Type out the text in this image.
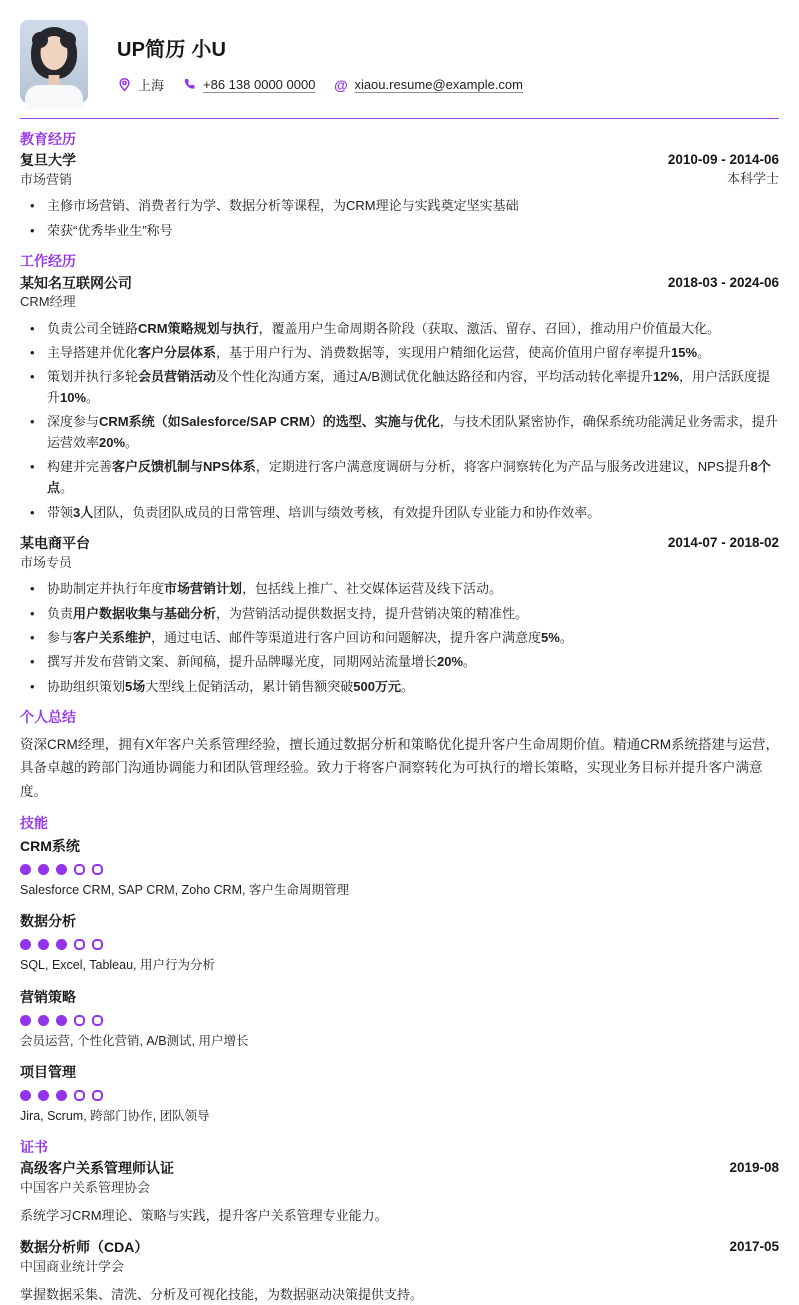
UP简历 小U
上海	+86 138 0000 0000 @ xiaou.resume@example.com
教育经历
复旦大学
市场营销
2010-09 - 2014-06
本科学士
• 主修市场营销、消费者行为学、数据分析等课程，为CRM理论与实践奠定坚实基础
• 荣获“优秀毕业生”称号
工作经历
某知名互联网公司
CRM经理
2018-03 - 2024-06
• 负责公司全链路CRM策略规划与执行，覆盖用户生命周期各阶段（获取、激活、留存、召回），推动用户价值最大化。
• 主导搭建并优化客户分层体系，基于用户行为、消费数据等，实现用户精细化运营，使高价值用户留存率提升15%。
• 策划并执行多轮会员营销活动及个性化沟通方案，通过A/B测试优化触达路径和内容，平均活动转化率提升12%，用户活跃度提升10%。
• 深度参与CRM系统（如Salesforce/SAP CRM）的选型、实施与优化，与技术团队紧密协作，确保系统功能满足业务需求，提升运营效率20%。
• 构建并完善客户反馈机制与NPS体系，定期进行客户满意度调研与分析，将客户洞察转化为产品与服务改进建议，NPS提升8个点。
• 带领3人团队，负责团队成员的日常管理、培训与绩效考核，有效提升团队专业能力和协作效率。
某电商平台
市场专员
2014-07 - 2018-02
• 协助制定并执行年度市场营销计划，包括线上推广、社交媒体运营及线下活动。
• 负责用户数据收集与基础分析，为营销活动提供数据支持，提升营销决策的精准性。
• 参与客户关系维护，通过电话、邮件等渠道进行客户回访和问题解决，提升客户满意度5%。
• 撰写并发布营销文案、新闻稿，提升品牌曝光度，同期网站流量增长20%。
• 协助组织策划5场大型线上促销活动，累计销售额突破500万元。
个人总结

资深CRM经理，拥有X年客户关系管理经验，擅长通过数据分析和策略优化提升客户生命周期价值。精通CRM系统搭建与运营，具备卓越的跨部门沟通协调能力和团队管理经验。致力于将客户洞察转化为可执行的增长策略，实现业务目标并提升客户满意度。

技能
CRM系统
Salesforce CRM, SAP CRM, Zoho CRM, 客户生命周期管理
数据分析
SQL, Excel, Tableau, 用户行为分析
营销策略
会员运营, 个性化营销, A/B测试, 用户增长
项目管理
Jira, Scrum, 跨部门协作, 团队领导
证书
高级客户关系管理师认证
中国客户关系管理协会
2019-08

系统学习CRM理论、策略与实践，提升客户关系管理专业能力。

数据分析师（CDA）
中国商业统计学会
2017-05

掌握数据采集、清洗、分析及可视化技能，为数据驱动决策提供支持。
